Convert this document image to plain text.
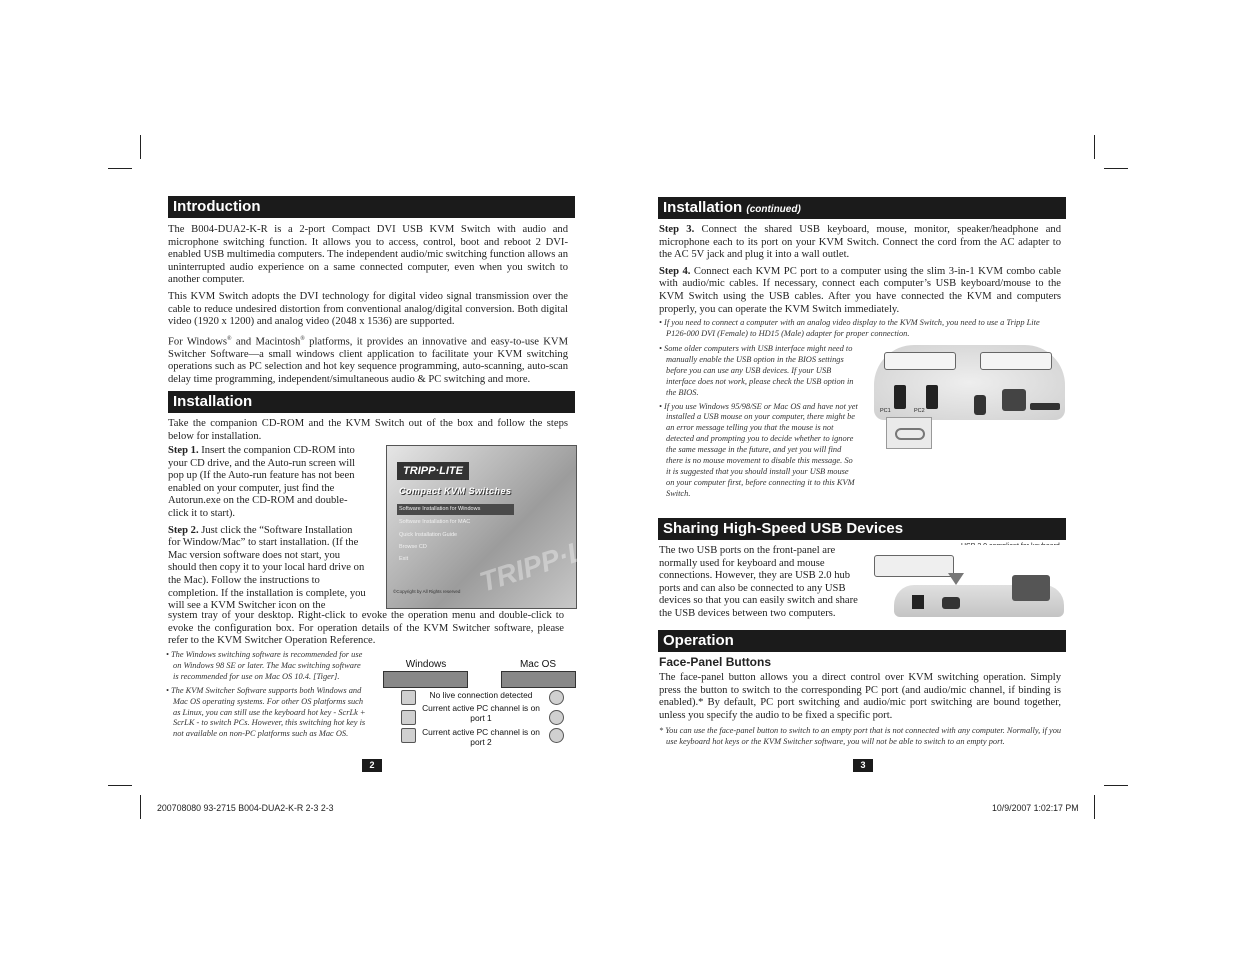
Introduction

The B004-DUA2-K-R is a 2-port Compact DVI USB KVM Switch with audio and microphone switching function. It allows you to access, control, boot and reboot 2 DVI-enabled USB multimedia computers. The independent audio/mic switching function allows an uninterrupted audio experience on a same connected computer, even when you switch to another computer.

This KVM Switch adopts the DVI technology for digital video signal transmission over the cable to reduce undesired distortion from conventional analog/digital conversion. Both digital video (1920 x 1200) and analog video (2048 x 1536) are supported.

For Windows® and Macintosh® platforms, it provides an innovative and easy-to-use KVM Switcher Software—a small windows client application to facilitate your KVM switching operations such as PC selection and hot key sequence programming, auto-scanning, auto-scan delay time programming, independent/simultaneous audio & PC switching and more.

Installation
Take the companion CD-ROM and the KVM Switch out of the box and follow the steps below for installation.

Step 1. Insert the companion CD-ROM into your CD drive, and the Auto-run screen will pop up (If the Auto-run feature has not been enabled on your computer, just find the Autorun.exe on the CD-ROM and double-click it to start).

Step 2. Just click the “Software Installation for Window/Mac” to start installation. (If the Mac version software does not start, you should then copy it to your local hard drive on the Mac). Follow the instructions to completion. If the installation is complete, you will see a KVM Switcher icon on the

system tray of your desktop. Right-click to evoke the operation menu and double-click to evoke the configuration box. For operation details of the KVM Switcher software, please refer to the KVM Switcher Operation Reference.
TRIPP·LITE
Compact KVM Switches
Software Installation for Windows
Software Installation for MAC
Quick Installation Guide
Browse CD
Exit TRIPP·LITE
©Copyright by All Rights reserved

• The Windows switching software is recommended for use on Windows 98 SE or later. The Mac switching software is recommended for use on Mac OS 10.4. [Tiger].

• The KVM Switcher Software supports both Windows and Mac OS operating systems. For other OS platforms such as Linux, you can still use the keyboard hot key - ScrLk + ScrLK - to switch PCs. However, this switching hot key is not available on non-PC platforms such as Mac OS.

Windows	Mac OS
No live connection detected
Current active PC channel is on port 1
Current active PC channel is on port 2
2
Installation (continued)

Step 3. Connect the shared USB keyboard, mouse, monitor, speaker/headphone and microphone each to its port on your KVM Switch. Connect the cord from the AC adapter to the AC 5V jack and plug it into a wall outlet.

Step 4. Connect each KVM PC port to a computer using the slim 3-in-1 KVM combo cable with audio/mic cables. If necessary, connect each computer’s USB keyboard/mouse to the KVM Switch using the USB cables. After you have connected the KVM and computers properly, you can operate the KVM Switch immediately.

• If you need to connect a computer with an analog video display to the KVM Switch, you need to use a Tripp Lite P126-000 DVI (Female) to HD15 (Male) adapter for proper connection.

• Some older computers with USB interface might need to manually enable the USB option in the BIOS settings before you can use any USB devices. If your USB interface does not work, please check the USB option in the BIOS.

• If you use Windows 95/98/SE or Mac OS and have not yet installed a USB mouse on your computer, there might be an error message telling you that the mouse is not detected and prompting you to decide whether to ignore the same message in the future, and yet you will find there is no mouse movement to disable this message. So it is suggested that you should install your USB mouse on your computer first, before connecting it to this KVM Switch.

PC1	PC2
Sharing High-Speed USB Devices
The two USB ports on the front-panel are normally used for keyboard and mouse connections. However, they are USB 2.0 hub ports and can also be connected to any USB devices so that you can easily switch and share the USB devices between two computers.
Operation
Face-Panel Buttons
The face-panel button allows you a direct control over KVM switching operation. Simply press the button to switch to the corresponding PC port (and audio/mic channel, if binding is enabled).* By default, PC port switching and audio/mic port switching are bound together, unless you specify the audio to be fixed a specific port.

* You can use the face-panel button to switch to an empty port that is not connected with any computer. Normally, if you use keyboard hot keys or the KVM Switcher software, you will not be able to switch to an empty port.

3
200708080 93-2715 B004-DUA2-K-R 2-3 2-3	10/9/2007 1:02:17 PM
